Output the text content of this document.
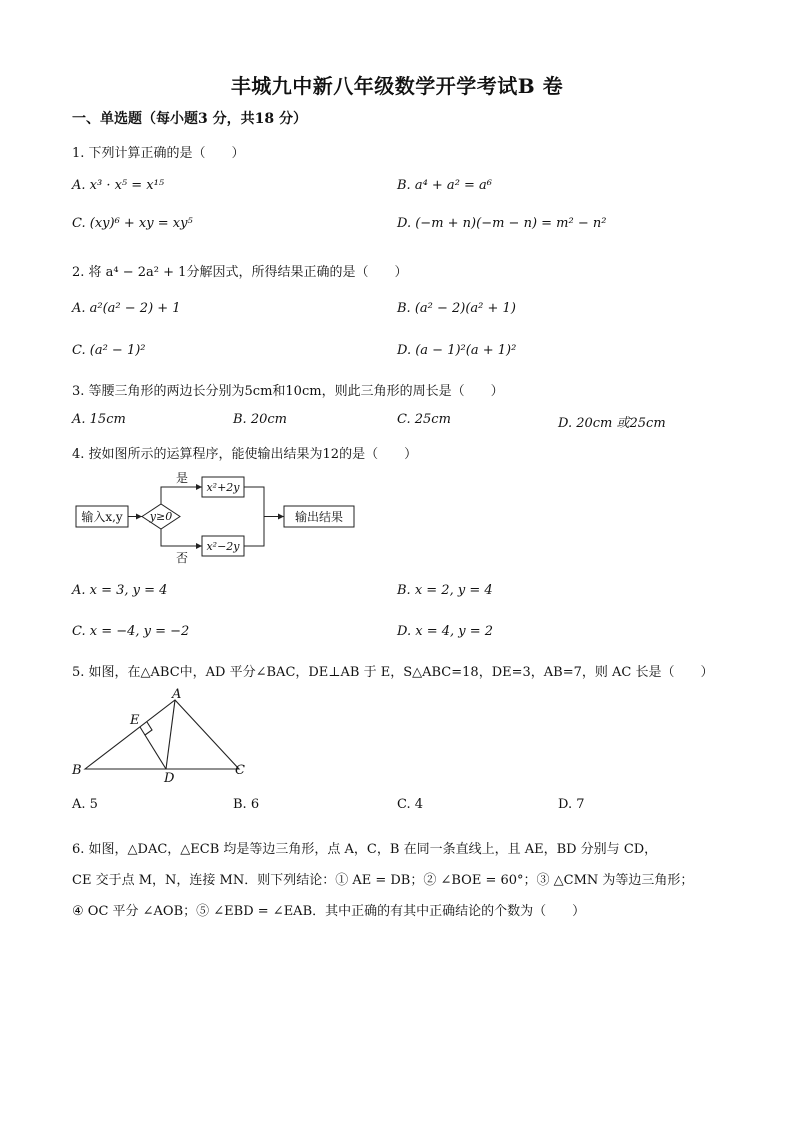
丰城九中新八年级数学开学考试B 卷
一、单选题（每小题3 分，共18 分）
1. 下列计算正确的是（　　）
A. x³ · x⁵ = x¹⁵	B. a⁴ + a² = a⁶
C. (xy)⁶ + xy = xy⁵	D. (−m + n)(−m − n) = m² − n²
2. 将 a⁴ − 2a² + 1分解因式，所得结果正确的是（　　）
A. a²(a² − 2) + 1	B. (a² − 2)(a² + 1)
C. (a² − 1)²	D. (a − 1)²(a + 1)²
3. 等腰三角形的两边长分别为5cm和10cm，则此三角形的周长是（　　）
A. 15cm	B. 20cm	C. 25cm	D. 20cm 或25cm
4. 按如图所示的运算程序，能使输出结果为12的是（　　）
输入x,y y≥0
是
否
x²+2y
x²−2y
输出结果
A. x = 3, y = 4	B. x = 2, y = 4
C. x = −4, y = −2	D. x = 4, y = 2
5. 如图，在△ABC中，AD 平分∠BAC，DE⊥AB 于 E，S△ABC=18，DE=3，AB=7，则 AC 长是（　　）
A
B	C
D
E
A. 5	B. 6	C. 4	D. 7
6. 如图，△DAC，△ECB 均是等边三角形，点 A，C，B 在同一条直线上，且 AE，BD 分别与 CD，
CE 交于点 M，N，连接 MN．则下列结论：① AE = DB；② ∠BOE = 60°；③ △CMN 为等边三角形；
④ OC 平分 ∠AOB；⑤ ∠EBD = ∠EAB．其中正确的有其中正确结论的个数为（　　）
